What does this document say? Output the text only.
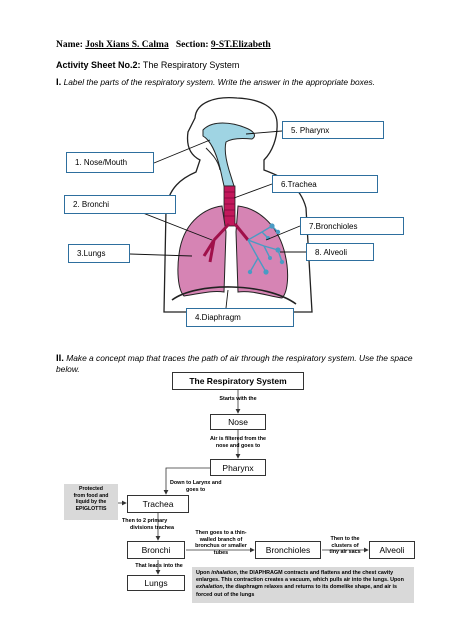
Name: Josh Xians S. Calma Section: 9-ST.Elizabeth
Activity Sheet No.2: The Respiratory System
I. Label the parts of the respiratory system. Write the answer in the appropriate boxes.
5. Pharynx
1. Nose/Mouth
6.Trachea
2. Bronchi
7.Bronchioles
3.Lungs	8. Alveoli
4.Diaphragm
II. Make a concept map that traces the path of air through the respiratory system. Use the space below.
The Respiratory System
Starts with the
Nose
Air is filtered from the
nose and goes to
Pharynx
Down to Larynx and
goes to
Protected
from food and
liquid by the
EPIGLOTTIS	Trachea
Then to 2 primary
divisions trachea
Bronchi
Then goes to a thin-
walled branch of
bronchus or smaller
tubes	Bronchioles
Then to the
clusters of
tiny air sacs	Alveoli
That leads into the
Lungs
Upon inhalation, the DIAPHRAGM contracts and flattens and the chest cavity enlarges. This contraction creates a vacuum, which pulls air into the lungs. Upon exhalation, the diaphragm relaxes and returns to its domelike shape, and air is forced out of the lungs
